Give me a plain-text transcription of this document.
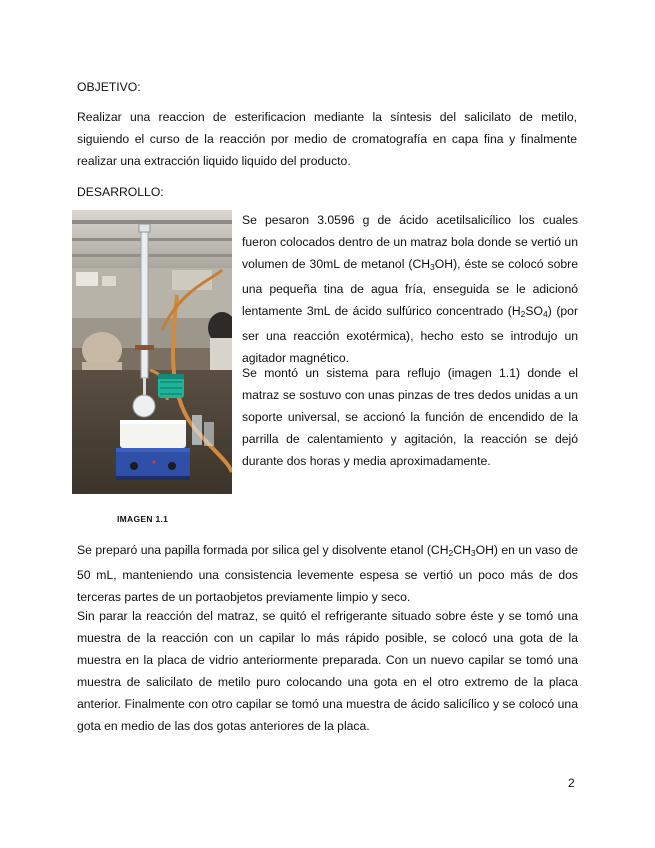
OBJETIVO:
Realizar una reaccion de esterificacion mediante la síntesis del salicilato de metilo, siguiendo el curso de la reacción por medio de cromatografía en capa fina y finalmente realizar una extracción liquido liquido del producto.
DESARROLLO:
Se pesaron 3.0596 g de ácido acetilsalicílico los cuales fueron colocados dentro de un matraz bola donde se vertió un volumen de 30mL de metanol $(CH_3OH)$, éste se colocó sobre una pequeña tina de agua fría, enseguida se le adicionó lentamente 3mL de ácido sulfúrico concentrado $(H_2SO_4)$ (por ser una reacción exotérmica), hecho esto se introdujo un agitador magnético.
Se montó un sistema para reflujo (imagen 1.1) donde el matraz se sostuvo con unas pinzas de tres dedos unidas a un soporte universal, se accionó la función de encendido de la parrilla de calentamiento y agitación, la reacción se dejó durante dos horas y media aproximadamente.
IMAGEN 1.1
Se preparó una papilla formada por silica gel y disolvente etanol $(CH_2CH_3OH)$ en un vaso de 50 mL, manteniendo una consistencia levemente espesa se vertió un poco más de dos terceras partes de un portaobjetos previamente limpio y seco.
Sin parar la reacción del matraz, se quitó el refrigerante situado sobre éste y se tomó una muestra de la reacción con un capilar lo más rápido posible, se colocó una gota de la muestra en la placa de vidrio anteriormente preparada. Con un nuevo capilar se tomó una muestra de salicilato de metilo puro colocando una gota en el otro extremo de la placa anterior. Finalmente con otro capilar se tomó una muestra de ácido salicílico y se colocó una gota en medio de las dos gotas anteriores de la placa.
2
